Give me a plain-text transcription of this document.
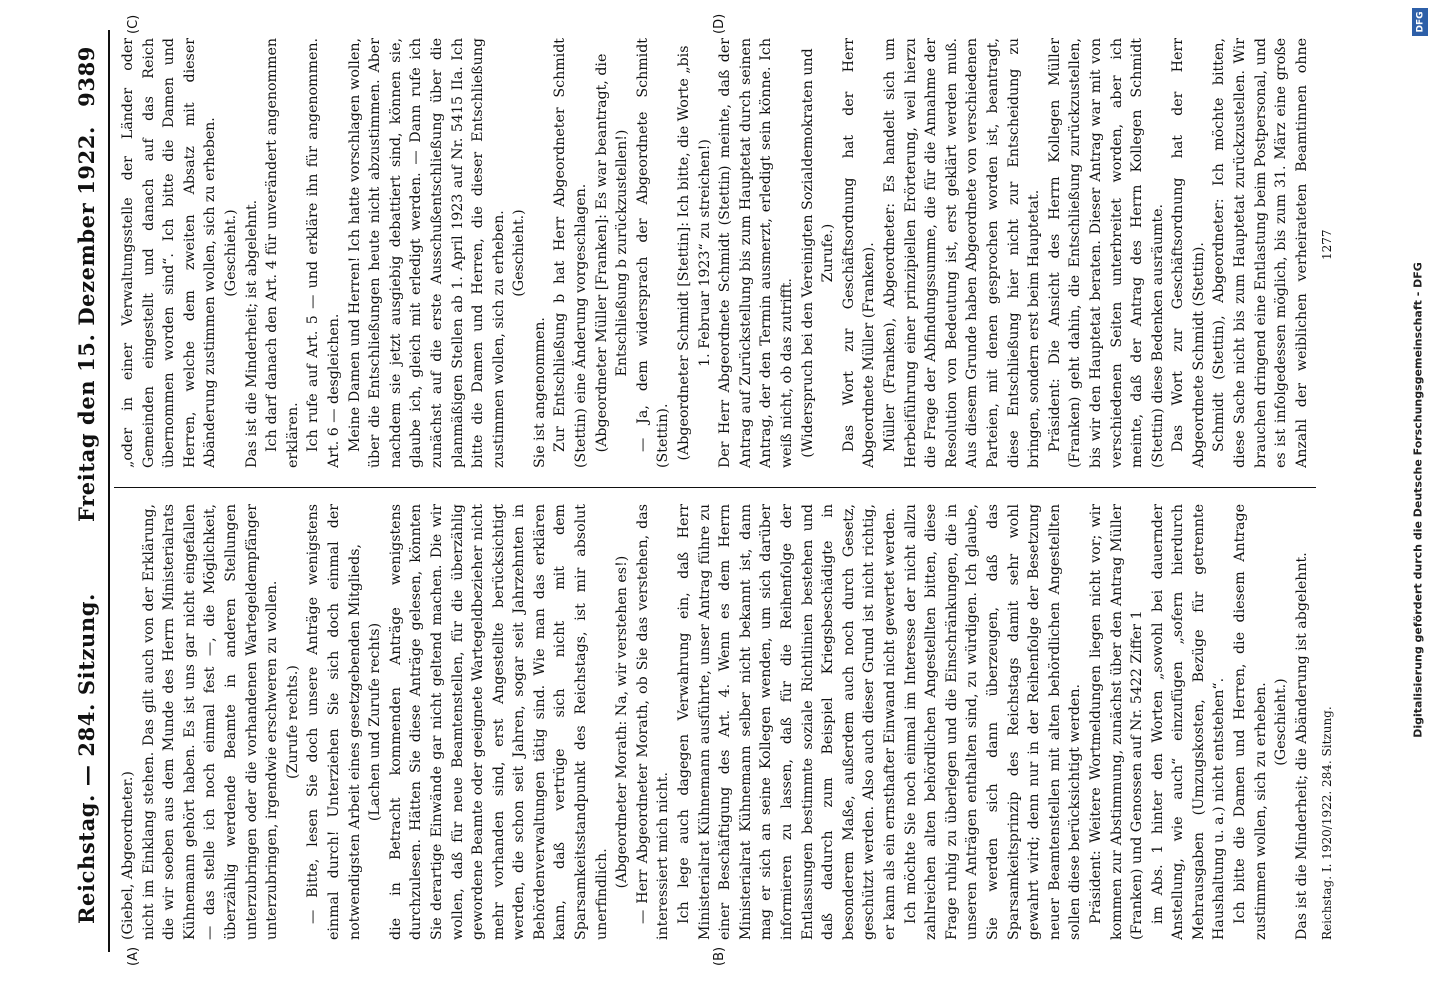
Reichstag. — 284. Sitzung.
Freitag den 15. Dezember 1922.
9389
(A)	(B)
(C)	(D)

(Giebel, Abgeordneter.) nicht im Einklang stehen. Das gilt auch von der Erklärung, die wir soeben aus dem Munde des Herrn Ministerialrats Kühnemann gehört haben. Es ist uns gar nicht eingefallen — das stelle ich noch einmal fest —, die Möglichkeit, überzählig werdende Beamte in anderen Stellungen unterzubringen oder die vorhandenen Wartegeldempfänger unterzubringen, irgendwie erschweren zu wollen. (Zurufe rechts.) — Bitte, lesen Sie doch unsere Anträge wenigstens einmal durch! Unterziehen Sie sich doch einmal der notwendigsten Arbeit eines gesetzgebenden Mitglieds, (Lachen und Zurufe rechts) die in Betracht kommenden Anträge wenigstens durchzulesen. Hätten Sie diese Anträge gelesen, könnten Sie derartige Einwände gar nicht geltend machen. Die wir wollen, daß für neue Beamtenstellen, für die überzählig gewordene Beamte oder geeignete Wartegeldbezieher nicht mehr vorhanden sind, erst Angestellte berücksichtigt werden, die schon seit Jahren, sogar seit Jahrzehnten in Behördenverwaltungen tätig sind. Wie man das erklären kann, daß vertrüge sich nicht mit dem Sparsamkeitsstandpunkt des Reichstags, ist mir absolut unerfindlich.

(Abgeordneter Morath: Na, wir verstehen es!) — Herr Abgeordneter Morath, ob Sie das verstehen, das interessiert mich nicht. Ich lege auch dagegen Verwahrung ein, daß Herr Ministerialrat Kühnemann ausführte, unser Antrag führe zu einer Beschäftigung des Art. 4. Wenn es dem Herrn Ministerialrat Kühnemann selber nicht bekannt ist, dann mag er sich an seine Kollegen wenden, um sich darüber informieren zu lassen, daß für die Reihenfolge der Entlassungen bestimmte soziale Richtlinien bestehen und daß dadurch zum Beispiel Kriegsbeschädigte in besonderem Maße, außerdem auch noch durch Gesetz, geschützt werden. Also auch dieser Grund ist nicht richtig, er kann als ein ernsthafter Einwand nicht gewertet werden. Ich möchte Sie noch einmal im Interesse der nicht allzu zahlreichen alten behördlichen Angestellten bitten, diese Frage ruhig zu überlegen und die Einschränkungen, die in unseren Anträgen enthalten sind, zu würdigen. Ich glaube, Sie werden sich dann überzeugen, daß das Sparsamkeitsprinzip des Reichstags damit sehr wohl gewahrt wird; denn nur in der Reihenfolge der Besetzung neuer Beamtenstellen mit alten behördlichen Angestellten sollen diese berücksichtigt werden. Präsident: Weitere Wortmeldungen liegen nicht vor; wir kommen zur Abstimmung, zunächst über den Antrag Müller (Franken) und Genossen auf Nr. 5422 Ziffer 1 im Abs. 1 hinter den Worten „sowohl bei dauernder Anstellung, wie auch“ einzufügen „sofern hierdurch Mehrausgaben (Umzugskosten, Bezüge für getrennte Haushaltung u. a.) nicht entstehen“. Ich bitte die Damen und Herren, die diesem Antrage zustimmen wollen, sich zu erheben. (Geschieht.) Das ist die Minderheit; die Abänderung ist abgelehnt.

„oder in einer Verwaltungsstelle der Länder oder Gemeinden eingestellt und danach auf das Reich übernommen worden sind“. Ich bitte die Damen und Herren, welche dem zweiten Absatz mit dieser Abänderung zustimmen wollen, sich zu erheben. (Geschieht.) Das ist die Minderheit; ist abgelehnt. Ich darf danach den Art. 4 für unverändert angenommen erklären. Ich rufe auf Art. 5 — und erkläre ihn für angenommen. Art. 6 — desgleichen. Meine Damen und Herren! Ich hatte vorschlagen wollen, über die Entschließungen heute nicht abzustimmen. Aber nachdem sie jetzt ausgiebig debattiert sind, können sie, glaube ich, gleich mit erledigt werden. — Dann rufe ich zunächst auf die erste Ausschußentschließung über die planmäßigen Stellen ab 1. April 1923 auf Nr. 5415 IIa. Ich bitte die Damen und Herren, die dieser Entschließung zustimmen wollen, sich zu erheben. (Geschieht.)

Sie ist angenommen. Zur Entschließung b hat Herr Abgeordneter Schmidt (Stettin) eine Änderung vorgeschlagen. (Abgeordneter Müller [Franken]: Es war beantragt, die Entschließung b zurückzustellen!) — Ja, dem widersprach der Abgeordnete Schmidt (Stettin). (Abgeordneter Schmidt [Stettin]: Ich bitte, die Worte „bis 1. Februar 1923“ zu streichen!) Der Herr Abgeordnete Schmidt (Stettin) meinte, daß der Antrag auf Zurückstellung bis zum Hauptetat durch seinen Antrag, der den Termin ausmerzt, erledigt sein könne. Ich weiß nicht, ob das zutrifft. (Widerspruch bei den Vereinigten Sozialdemokraten und Zurufe.) Das Wort zur Geschäftsordnung hat der Herr Abgeordnete Müller (Franken). Müller (Franken), Abgeordneter: Es handelt sich um Herbeiführung einer prinzipiellen Erörterung, weil hierzu die Frage der Abfindungssumme, die für die Annahme der Resolution von Bedeutung ist, erst geklärt werden muß. Aus diesem Grunde haben Abgeordnete von verschiedenen Parteien, mit denen gesprochen worden ist, beantragt, diese Entschließung hier nicht zur Entscheidung zu bringen, sondern erst beim Hauptetat. Präsident: Die Ansicht des Herrn Kollegen Müller (Franken) geht dahin, die Entschließung zurückzustellen, bis wir den Hauptetat beraten. Dieser Antrag war mit von verschiedenen Seiten unterbreitet worden, aber ich meinte, daß der Antrag des Herrn Kollegen Schmidt (Stettin) diese Bedenken ausräumte. Das Wort zur Geschäftsordnung hat der Herr Abgeordnete Schmidt (Stettin). Schmidt (Stettin), Abgeordneter: Ich möchte bitten, diese Sache nicht bis zum Hauptetat zurückzustellen. Wir brauchen dringend eine Entlastung beim Postpersonal, und es ist infolgedessen möglich, bis zum 31. März eine große Anzahl der weiblichen verheirateten Beamtinnen ohne

Reichstag. I. 1920/1922. 284. Sitzung.
1277
Digitalisierung gefördert durch die Deutsche Forschungsgemeinschaft - DFG
DFG
